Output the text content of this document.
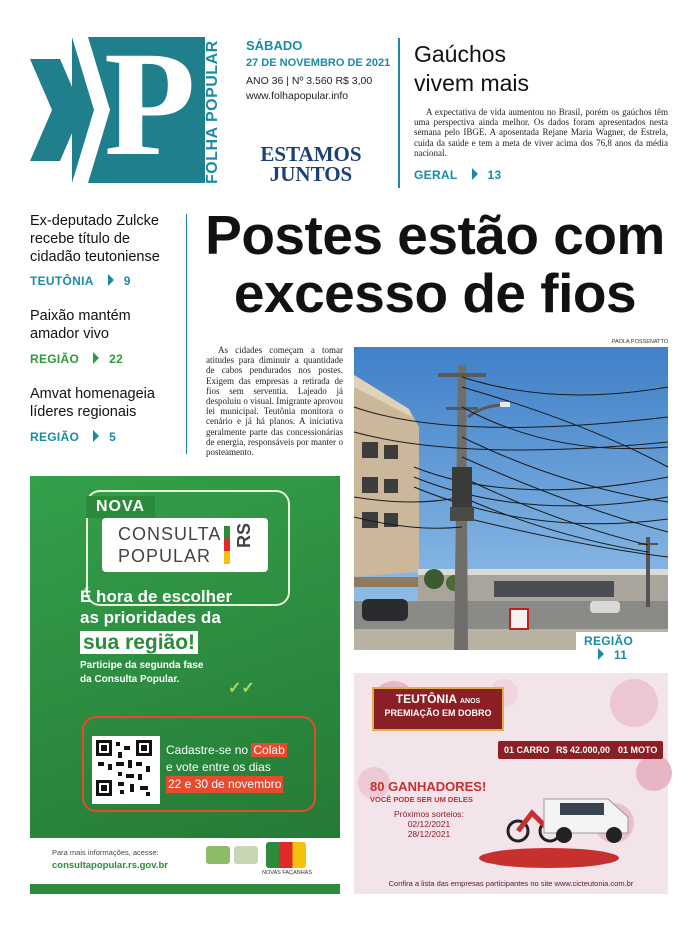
P FOLHA POPULAR SÁBADO
27 DE NOVEMBRO DE 2021
ANO 36 | Nº 3.560 R$ 3,00
www.folhapopular.info
ESTAMOS
JUNTOS
Gaúchos
vivem mais
A expectativa de vida aumentou no Brasil, porém os gaúchos têm uma perspectiva ainda melhor. Os dados foram apresentados nesta semana pelo IBGE. A aposentada Rejane Maria Wagner, de Estrela, cuida da saúde e tem a meta de viver acima dos 76,8 anos da média nacional.
GERAL	13
Ex-deputado Zulcke recebe título de cidadão teutoniense
TEUTÔNIA	9
Paixão mantém amador vivo
REGIÃO	22
Amvat homenageia líderes regionais
REGIÃO	5
Postes estão com
excesso de fios
As cidades começam a tomar atitudes para diminuir a quantidade de cabos pendurados nos postes. Exigem das empresas a retirada de fios sem serventia. Lajeado já despoluiu o visual. Imigrante aprovou lei municipal. Teutônia monitora o cenário e já há planos. A iniciativa geralmente parte das concessionárias de energia, responsáveis por manter o posteamento.
PAOLA POSSENATTO
REGIÃO11
NOVA
CONSULTA
POPULAR
RS
É hora de escolher
as prioridades da
sua região!
Participe da segunda fase
da Consulta Popular.
✓✓
Cadastre-se no Colab
e vote entre os dias
22 e 30 de novembro
Para mais informações, acesse:
consultapopular.rs.gov.br
NOVAS FAÇANHAS
TEUTÔNIA ANOS
PREMIAÇÃO EM DOBRO
01 CARRO R$ 42.000,00 01 MOTO
80 GANHADORES!
VOCÊ PODE SER UM DELES
Próximos sorteios:
02/12/2021
28/12/2021
Confira a lista das empresas participantes no site www.cicteutonia.com.br
